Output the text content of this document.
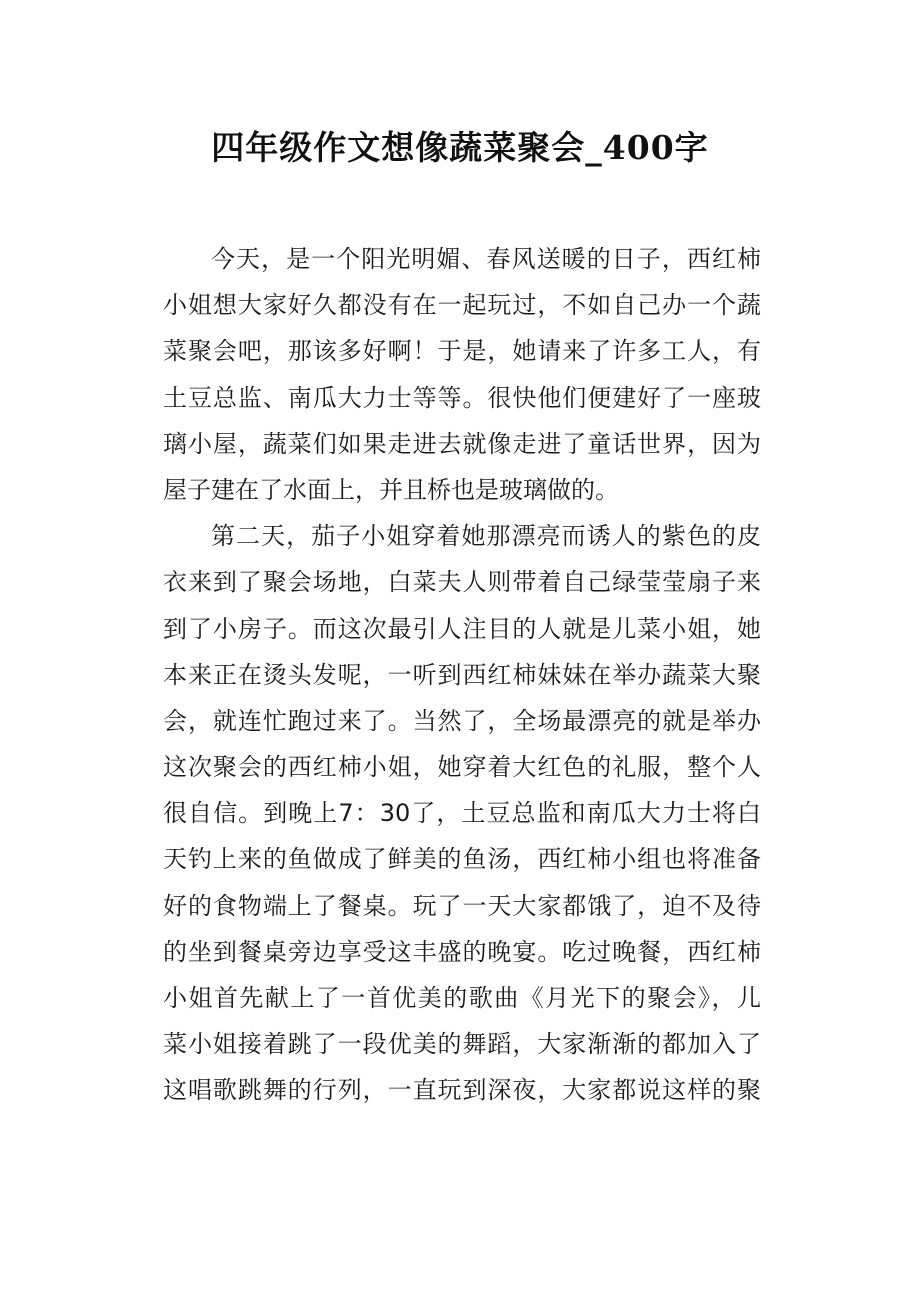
四年级作文想像蔬菜聚会_400字
今天，是一个阳光明媚、春风送暖的日子，西红柿
小姐想大家好久都没有在一起玩过，不如自己办一个蔬
菜聚会吧，那该多好啊！于是，她请来了许多工人，有
土豆总监、南瓜大力士等等。很快他们便建好了一座玻
璃小屋，蔬菜们如果走进去就像走进了童话世界，因为
屋子建在了水面上，并且桥也是玻璃做的。
第二天，茄子小姐穿着她那漂亮而诱人的紫色的皮
衣来到了聚会场地，白菜夫人则带着自己绿莹莹扇子来
到了小房子。而这次最引人注目的人就是儿菜小姐，她
本来正在烫头发呢，一听到西红柿妹妹在举办蔬菜大聚
会，就连忙跑过来了。当然了，全场最漂亮的就是举办
这次聚会的西红柿小姐，她穿着大红色的礼服，整个人
很自信。到晚上7：30了，土豆总监和南瓜大力士将白
天钓上来的鱼做成了鲜美的鱼汤，西红柿小组也将准备
好的食物端上了餐桌。玩了一天大家都饿了，迫不及待
的坐到餐桌旁边享受这丰盛的晚宴。吃过晚餐，西红柿
小姐首先献上了一首优美的歌曲《月光下的聚会》，儿
菜小姐接着跳了一段优美的舞蹈，大家渐渐的都加入了
这唱歌跳舞的行列，一直玩到深夜，大家都说这样的聚
